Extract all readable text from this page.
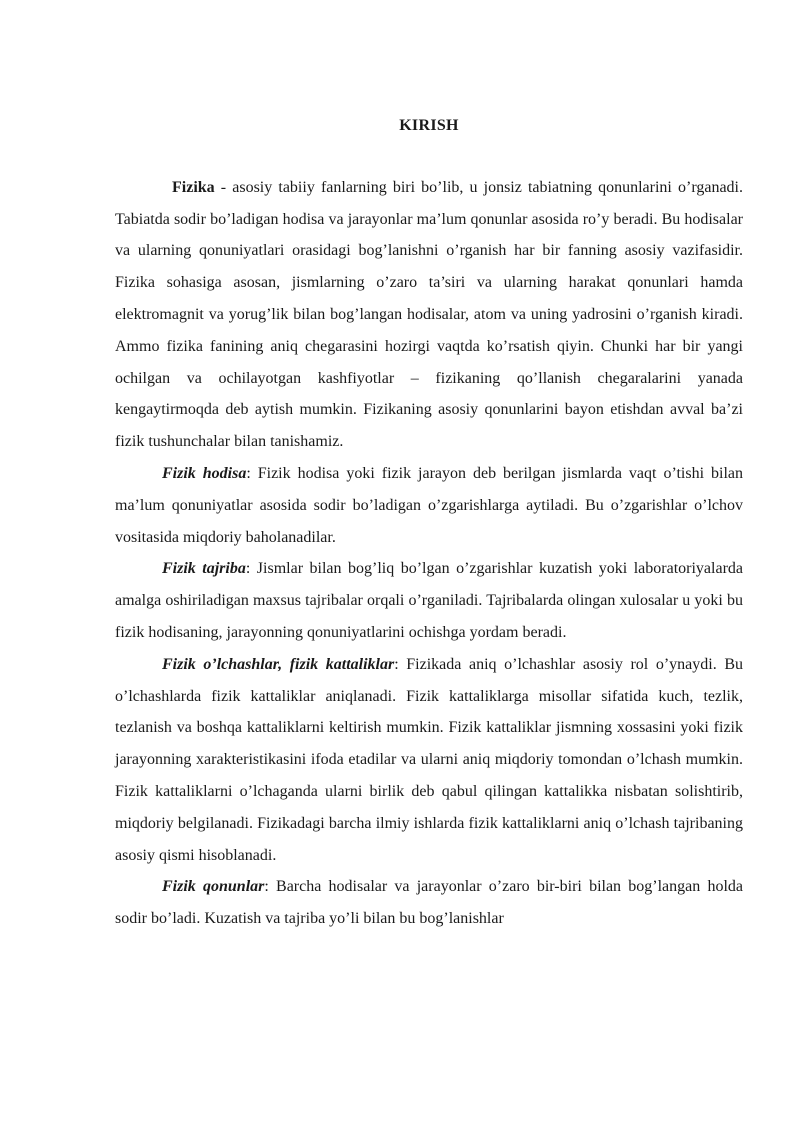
KIRISH

Fizika - asosiy tabiiy fanlarning biri bo’lib, u jonsiz tabiatning qonunlarini o’rganadi. Tabiatda sodir bo’ladigan hodisa va jarayonlar ma’lum qonunlar asosida ro’y beradi. Bu hodisalar va ularning qonuniyatlari orasidagi bog’lanishni o’rganish har bir fanning asosiy vazifasidir. Fizika sohasiga asosan, jismlarning o’zaro ta’siri va ularning harakat qonunlari hamda elektromagnit va yorug’lik bilan bog’langan hodisalar, atom va uning yadrosini o’rganish kiradi. Ammo fizika fanining aniq chegarasini hozirgi vaqtda ko’rsatish qiyin. Chunki har bir yangi ochilgan va ochilayotgan kashfiyotlar – fizikaning qo’llanish chegaralarini yanada kengaytirmoqda deb aytish mumkin. Fizikaning asosiy qonunlarini bayon etishdan avval ba’zi fizik tushunchalar bilan tanishamiz.

Fizik hodisa: Fizik hodisa yoki fizik jarayon deb berilgan jismlarda vaqt o’tishi bilan ma’lum qonuniyatlar asosida sodir bo’ladigan o’zgarishlarga aytiladi. Bu o’zgarishlar o’lchov vositasida miqdoriy baholanadilar.

Fizik tajriba: Jismlar bilan bog’liq bo’lgan o’zgarishlar kuzatish yoki laboratoriyalarda amalga oshiriladigan maxsus tajribalar orqali o’rganiladi. Tajribalarda olingan xulosalar u yoki bu fizik hodisaning, jarayonning qonuniyatlarini ochishga yordam beradi.

Fizik o’lchashlar, fizik kattaliklar: Fizikada aniq o’lchashlar asosiy rol o’ynaydi. Bu o’lchashlarda fizik kattaliklar aniqlanadi. Fizik kattaliklarga misollar sifatida kuch, tezlik, tezlanish va boshqa kattaliklarni keltirish mumkin. Fizik kattaliklar jismning xossasini yoki fizik jarayonning xarakteristikasini ifoda etadilar va ularni aniq miqdoriy tomondan o’lchash mumkin. Fizik kattaliklarni o’lchaganda ularni birlik deb qabul qilingan kattalikka nisbatan solishtirib, miqdoriy belgilanadi. Fizikadagi barcha ilmiy ishlarda fizik kattaliklarni aniq o’lchash tajribaning asosiy qismi hisoblanadi.

Fizik qonunlar: Barcha hodisalar va jarayonlar o’zaro bir-biri bilan bog’langan holda sodir bo’ladi. Kuzatish va tajriba yo’li bilan bu bog’lanishlar
